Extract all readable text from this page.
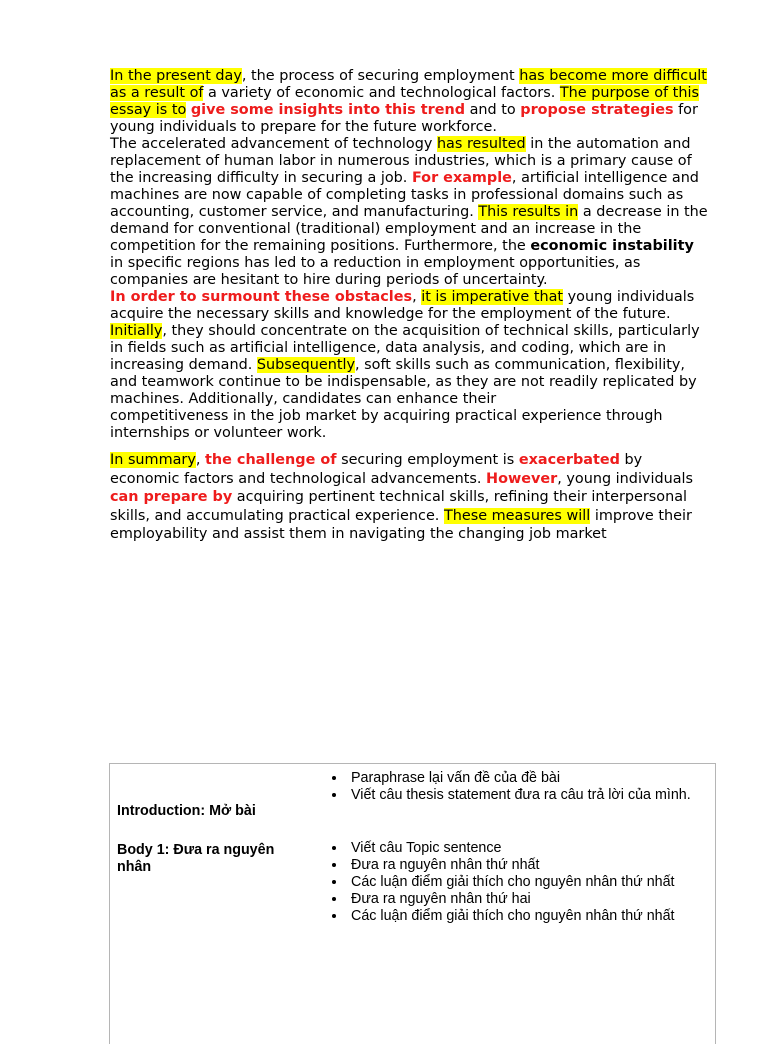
In the present day, the process of securing employment has become more difficult as a result of a variety of economic and technological factors. The purpose of this essay is to give some insights into this trend and to propose strategies for young individuals to prepare for the future workforce.

The accelerated advancement of technology has resulted in the automation and replacement of human labor in numerous industries, which is a primary cause of the increasing difficulty in securing a job. For example, artificial intelligence and machines are now capable of completing tasks in professional domains such as accounting, customer service, and manufacturing. This results in a decrease in the demand for conventional (traditional) employment and an increase in the competition for the remaining positions. Furthermore, the economic instability in specific regions has led to a reduction in employment opportunities, as companies are hesitant to hire during periods of uncertainty.

In order to surmount these obstacles, it is imperative that young individuals acquire the necessary skills and knowledge for the employment of the future. Initially, they should concentrate on the acquisition of technical skills, particularly in fields such as artificial intelligence, data analysis, and coding, which are in increasing demand. Subsequently, soft skills such as communication, flexibility, and teamwork continue to be indispensable, as they are not readily replicated by machines. Additionally, candidates can enhance their

competitiveness in the job market by acquiring practical experience through internships or volunteer work.

In summary, the challenge of securing employment is exacerbated by economic factors and technological advancements. However, young individuals can prepare by acquiring pertinent technical skills, refining their interpersonal skills, and accumulating practical experience. These measures will improve their employability and assist them in navigating the changing job market

Introduction: Mở bài
• Paraphrase lại vấn đề của đề bài
• Viết câu thesis statement đưa ra câu trả lời của mình.
Body 1: Đưa ra nguyên nhân
• Viết câu Topic sentence
• Đưa ra nguyên nhân thứ nhất
• Các luận điểm giải thích cho nguyên nhân thứ nhất
• Đưa ra nguyên nhân thứ hai
• Các luận điểm giải thích cho nguyên nhân thứ nhất
